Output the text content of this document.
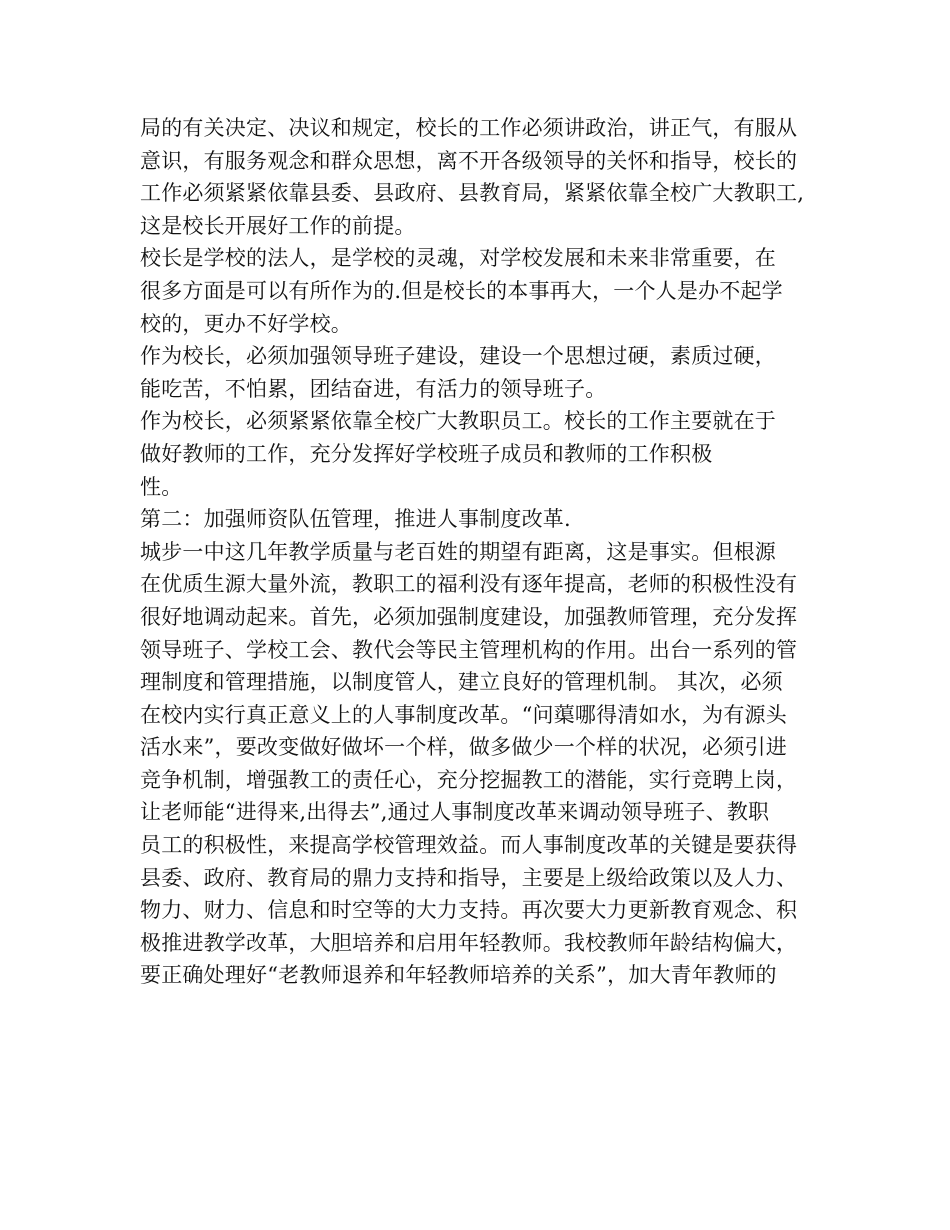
局的有关决定、决议和规定，校长的工作必须讲政治，讲正气，有服从
意识，有服务观念和群众思想，离不开各级领导的关怀和指导，校长的
工作必须紧紧依靠县委、县政府、县教育局，紧紧依靠全校广大教职工,
这是校长开展好工作的前提。
校长是学校的法人，是学校的灵魂，对学校发展和未来非常重要，在
很多方面是可以有所作为的.但是校长的本事再大，一个人是办不起学
校的，更办不好学校。
作为校长，必须加强领导班子建设，建设一个思想过硬，素质过硬，
能吃苦，不怕累，团结奋进，有活力的领导班子。
作为校长，必须紧紧依靠全校广大教职员工。校长的工作主要就在于
做好教师的工作，充分发挥好学校班子成员和教师的工作积极
性。
第二：加强师资队伍管理，推进人事制度改革.
城步一中这几年教学质量与老百姓的期望有距离，这是事实。但根源
在优质生源大量外流，教职工的福利没有逐年提高，老师的积极性没有
很好地调动起来。首先，必须加强制度建设，加强教师管理，充分发挥
领导班子、学校工会、教代会等民主管理机构的作用。出台一系列的管
理制度和管理措施，以制度管人，建立良好的管理机制。 其次，必须
在校内实行真正意义上的人事制度改革。“问蕖哪得清如水，为有源头
活水来”，要改变做好做坏一个样，做多做少一个样的状况，必须引进
竞争机制，增强教工的责任心，充分挖掘教工的潜能，实行竞聘上岗，
让老师能“进得来,出得去”,通过人事制度改革来调动领导班子、教职
员工的积极性，来提高学校管理效益。而人事制度改革的关键是要获得
县委、政府、教育局的鼎力支持和指导，主要是上级给政策以及人力、
物力、财力、信息和时空等的大力支持。再次要大力更新教育观念、积
极推进教学改革，大胆培养和启用年轻教师。我校教师年龄结构偏大，
要正确处理好“老教师退养和年轻教师培养的关系”，加大青年教师的
